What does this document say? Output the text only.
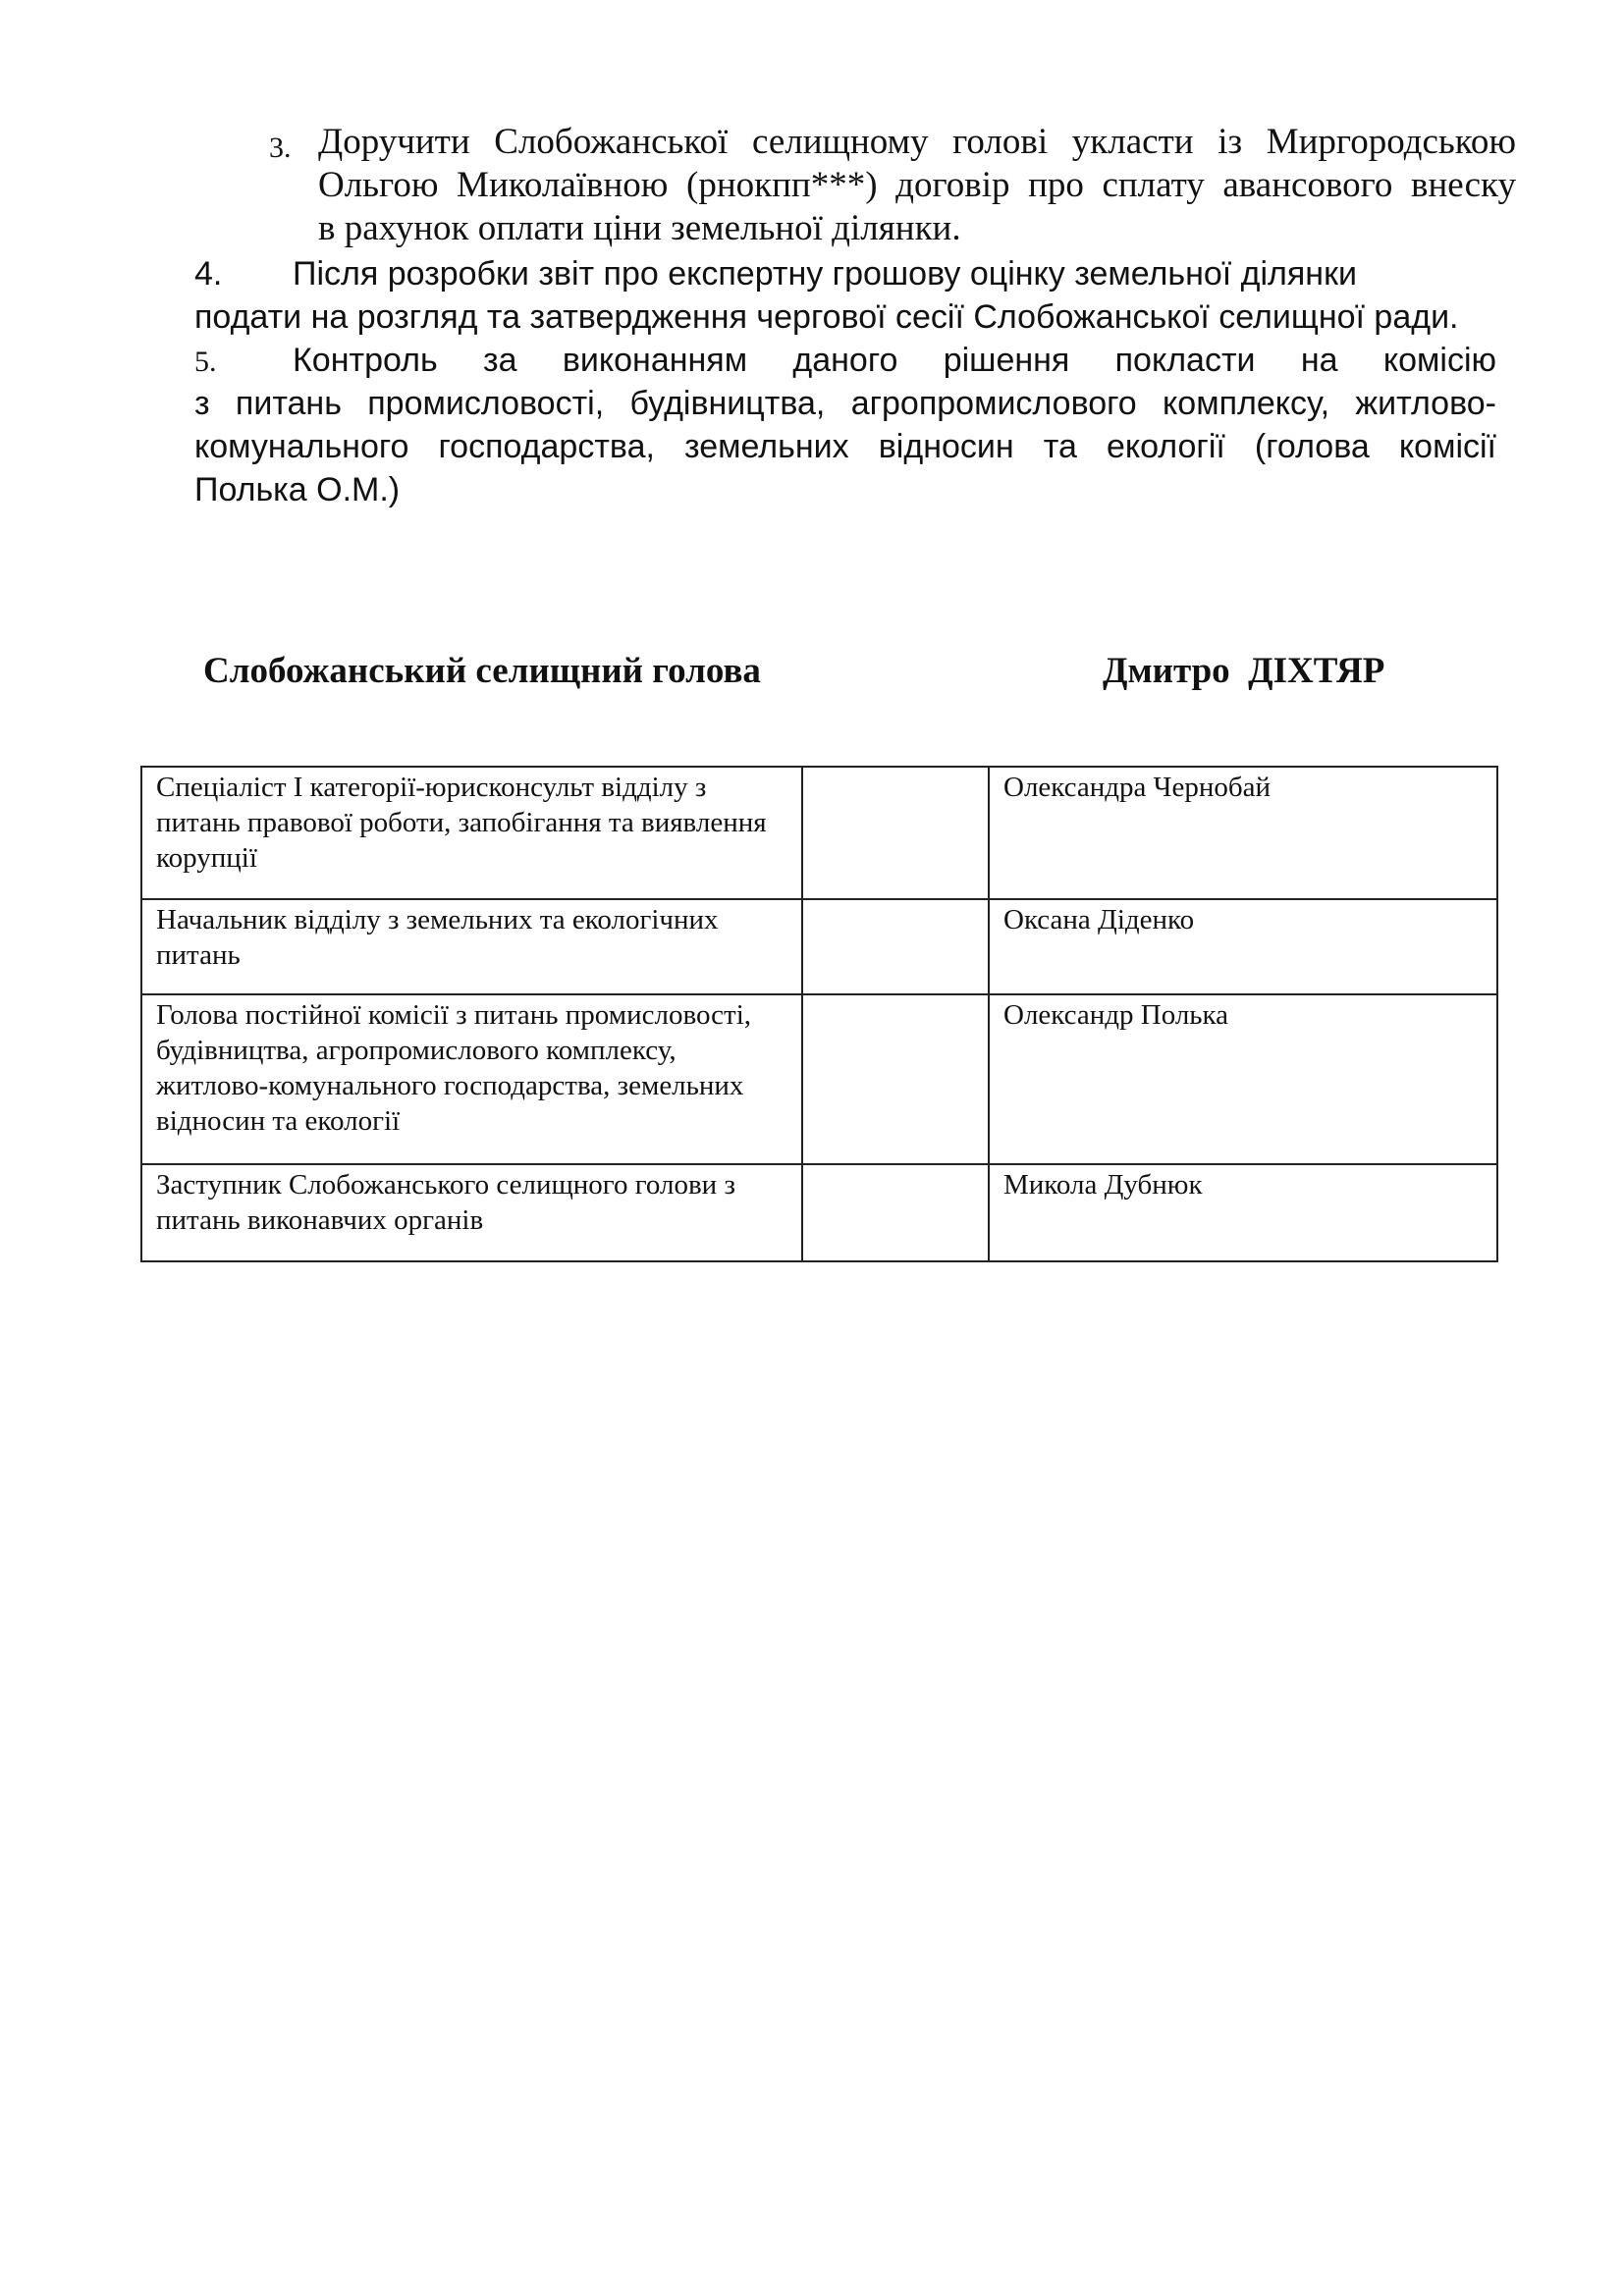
3. Доручити Слобожанської селищному голові укласти із Миргородською
Ольгою Миколаївною (рнокпп***) договір про сплату авансового внеску
в рахунок оплати ціни земельної ділянки.
4. Після розробки звіт про експертну грошову оцінку земельної ділянки
подати на розгляд та затвердження чергової сесії Слобожанської селищної ради.
5. Контроль за виконанням даного рішення покласти на комісію
з питань промисловості, будівництва, агропромислового комплексу, житлово-
комунального господарства, земельних відносин та екології (голова комісії
Полька О.М.)
Слобожанський селищний голова	Дмитро  ДІХТЯР
Спеціаліст І категорії-юрисконсульт відділу з питань правової роботи, запобігання та виявлення корупції		Олександра Чернобай
Начальник відділу з земельних та екологічних питань		Оксана Діденко
Голова постійної комісії з питань промисловості, будівництва, агропромислового комплексу, житлово-комунального господарства, земельних відносин та екології		Олександр Полька
Заступник Слобожанського селищного голови з питань виконавчих органів		Микола Дубнюк
